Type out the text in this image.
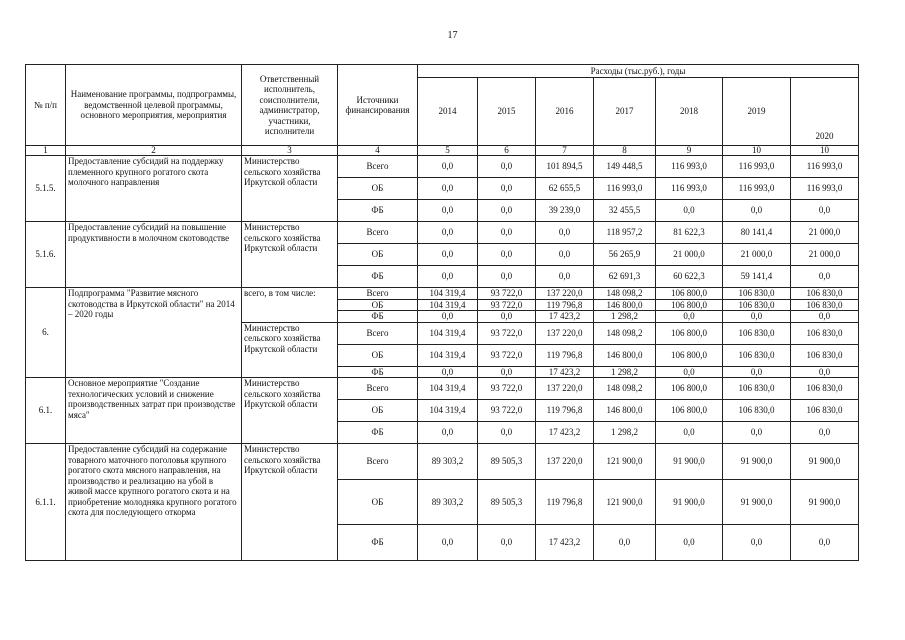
17
№ п/п	Наименование программы, подпрограммы, ведомственной целевой программы, основного мероприятия, мероприятия	Ответственный исполнитель, соисполнители, администратор, участники, исполнители	Источники финансирования	Расходы (тыс.руб.), годы						
				2014	2015	2016	2017	2018	2019	2020
1	2	3	4	5	6	7	8	9	10	10
5.1.5.	Предоставление субсидий на поддержку племенного крупного рогатого скота молочного направления	Министерство сельского хозяйства Иркутской области	Всего	0,0	0,0	101 894,5	149 448,5	116 993,0	116 993,0	116 993,0
			ОБ	0,0	0,0	62 655,5	116 993,0	116 993,0	116 993,0	116 993,0
			ФБ	0,0	0,0	39 239,0	32 455,5	0,0	0,0	0,0
5.1.6.	Предоставление субсидий на повышение продуктивности в молочном скотоводстве	Министерство сельского хозяйства Иркутской области	Всего	0,0	0,0	0,0	118 957,2	81 622,3	80 141,4	21 000,0
			ОБ	0,0	0,0	0,0	56 265,9	21 000,0	21 000,0	21 000,0
			ФБ	0,0	0,0	0,0	62 691,3	60 622,3	59 141,4	0,0
6.	Подпрограмма "Развитие мясного скотоводства в Иркутской области" на 2014 – 2020 годы	всего, в том числе:	Всего	104 319,4	93 722,0	137 220,0	148 098,2	106 800,0	106 830,0	106 830,0
			ОБ	104 319,4	93 722,0	119 796,8	146 800,0	106 800,0	106 830,0	106 830,0
			ФБ	0,0	0,0	17 423,2	1 298,2	0,0	0,0	0,0
		Министерство сельского хозяйства Иркутской области	Всего	104 319,4	93 722,0	137 220,0	148 098,2	106 800,0	106 830,0	106 830,0
			ОБ	104 319,4	93 722,0	119 796,8	146 800,0	106 800,0	106 830,0	106 830,0
			ФБ	0,0	0,0	17 423,2	1 298,2	0,0	0,0	0,0
6.1.	Основное мероприятие "Создание технологических условий и снижение производственных затрат при производстве мяса"	Министерство сельского хозяйства Иркутской области	Всего	104 319,4	93 722,0	137 220,0	148 098,2	106 800,0	106 830,0	106 830,0
			ОБ	104 319,4	93 722,0	119 796,8	146 800,0	106 800,0	106 830,0	106 830,0
			ФБ	0,0	0,0	17 423,2	1 298,2	0,0	0,0	0,0
6.1.1.	Предоставление субсидий на содержание товарного маточного поголовья крупного рогатого скота мясного направления, на производство и реализацию на убой в живой массе крупного рогатого скота и на приобретение молодняка крупного рогатого скота для последующего откорма	Министерство сельского хозяйства Иркутской области	Всего	89 303,2	89 505,3	137 220,0	121 900,0	91 900,0	91 900,0	91 900,0
			ОБ	89 303,2	89 505,3	119 796,8	121 900,0	91 900,0	91 900,0	91 900,0
			ФБ	0,0	0,0	17 423,2	0,0	0,0	0,0	0,0
